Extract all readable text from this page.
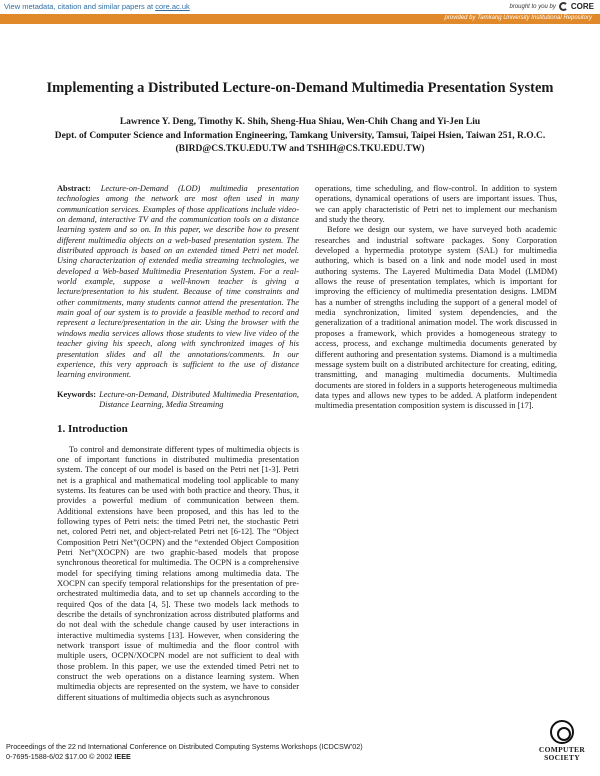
View metadata, citation and similar papers at core.ac.uk	brought to you by CORE
provided by Tamkang University Institutional Repository
Implementing a Distributed Lecture-on-Demand Multimedia Presentation System
Lawrence Y. Deng, Timothy K. Shih, Sheng-Hua Shiau, Wen-Chih Chang and Yi-Jen Liu
Dept. of Computer Science and Information Engineering, Tamkang University, Tamsui, Taipei Hsien, Taiwan 251, R.O.C. (BIRD@CS.TKU.EDU.TW and TSHIH@CS.TKU.EDU.TW)
Abstract: Lecture-on-Demand (LOD) multimedia presentation technologies among the network are most often used in many communication services. Examples of those applications include video-on demand, interactive TV and the communication tools on a distance learning system and so on. In this paper, we describe how to present different multimedia objects on a web-based presentation system. The distributed approach is based on an extended timed Petri net model. Using characterization of extended media streaming technologies, we developed a Web-based Multimedia Presentation System. For a real-world example, suppose a well-known teacher is giving a lecture/presentation to his student. Because of time constraints and other commitments, many students cannot attend the presentation. The main goal of our system is to provide a feasible method to record and represent a lecture/presentation in the air. Using the browser with the windows media services allows those students to view live video of the teacher giving his speech, along with synchronized images of his presentation slides and all the annotations/comments. In our experience, this very approach is sufficient to the use of distance learning environment.
Keywords: Lecture-on-Demand, Distributed Multimedia Presentation, Distance Learning, Media Streaming
1. Introduction
To control and demonstrate different types of multimedia objects is one of important functions in distributed multimedia presentation system. The concept of our model is based on the Petri net [1-3]. Petri net is a graphical and mathematical modeling tool applicable to many systems. Its features can be used with both practice and theory. Thus, it provides a powerful medium of communication between them. Additional extensions have been proposed, and this has led to the following types of Petri nets: the timed Petri net, the stochastic Petri net, colored Petri net, and object-related Petri net [6-12]. The “Object Composition Petri Net”(OCPN) and the “extended Object Composition Petri Net”(XOCPN) are two graphic-based models that propose synchronous theoretical for multimedia. The OCPN is a comprehensive model for specifying timing relations among multimedia data. The XOCPN can specify temporal relationships for the presentation of pre-orchestrated multimedia data, and to set up channels according to the required Qos of the data [4, 5]. These two models lack methods to describe the details of synchronization across distributed platforms and do not deal with the schedule change caused by user interactions in interactive multimedia systems [13]. However, when considering the network transport issue of multimedia and the floor control with multiple users, OCPN/XOCPN model are not sufficient to deal with those problem. In this paper, we use the extended timed Petri net to construct the web operations on a distance learning system. When multimedia objects are represented on the system, we have to consider different situations of multimedia objects such as asynchronous
operations, time scheduling, and flow-control. In addition to system operations, dynamical operations of users are important issues. Thus, we can apply characteristic of Petri net to implement our mechanism and study the theory.
Before we design our system, we have surveyed both academic researches and industrial software packages. Sony Corporation developed a hypermedia prototype system (SAL) for multimedia authoring, which is based on a link and node model used in most authoring systems. The Layered Multimedia Data Model (LMDM) allows the reuse of presentation templates, which is important for improving the efficiency of multimedia presentation designs. LMDM has a number of strengths including the support of a general model of media synchronization, limited system dependencies, and the generalization of a traditional animation model. The work discussed in proposes a framework, which provides a homogeneous strategy to access, process, and exchange multimedia documents generated by different authoring and presentation systems. Diamond is a multimedia message system built on a distributed architecture for creating, editing, transmitting, and managing multimedia documents. Multimedia documents are stored in folders in a supports heterogeneous multimedia data types and allows new types to be added. A platform independent multimedia presentation composition system is discussed in [17].
Proceedings of the 22 nd International Conference on Distributed Computing Systems Workshops (ICDCSW’02)
0-7695-1588-6/02 $17.00 © 2002 IEEE
COMPUTER
SOCIETY
